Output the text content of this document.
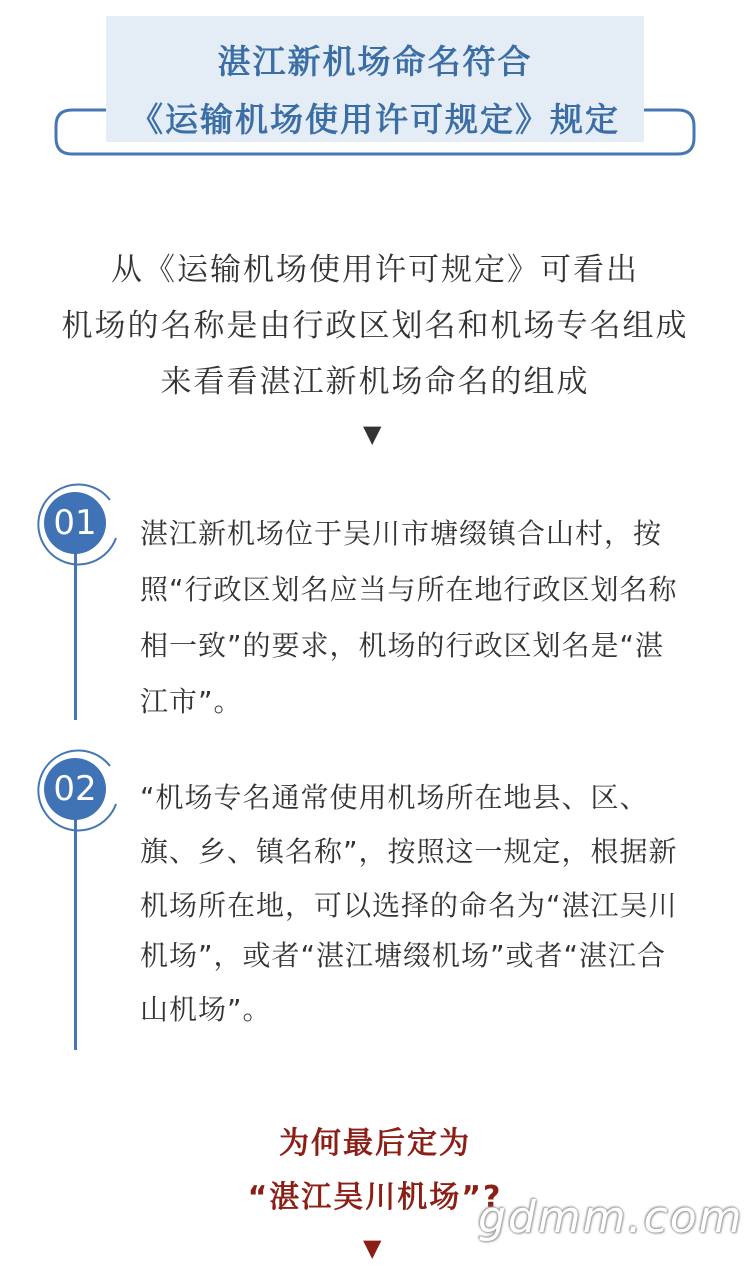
湛江新机场命名符合
《运输机场使用许可规定》规定
从《运输机场使用许可规定》可看出
机场的名称是由行政区划名和机场专名组成
来看看湛江新机场命名的组成
▼
01
02
湛江新机场位于吴川市塘缀镇合山村，按
照“行政区划名应当与所在地行政区划名称
相一致”的要求，机场的行政区划名是“湛
江市”。
“机场专名通常使用机场所在地县、区、
旗、乡、镇名称”，按照这一规定，根据新
机场所在地，可以选择的命名为“湛江吴川
机场”，或者“湛江塘缀机场”或者“湛江合
山机场”。
为何最后定为
“湛江吴川机场”?
▼
gdmm.com
